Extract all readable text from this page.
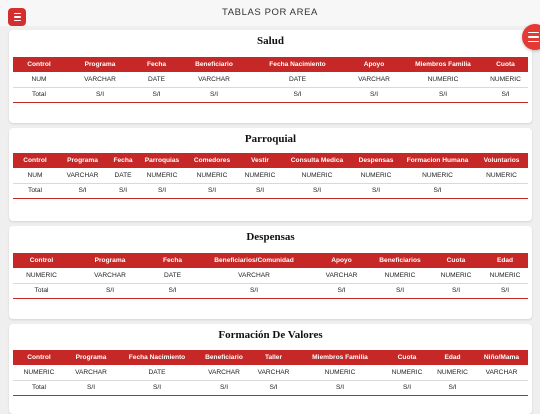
TABLAS POR AREA
Salud
Control	Programa	Fecha	Beneficiario	Fecha Nacimiento	Apoyo	Miembros Familia	Cuota
NUM	VARCHAR	DATE	VARCHAR	DATE	VARCHAR	NUMERIC	NUMERIC
Total	S/I	S/I	S/I	S/I	S/I	S/I	S/I
Parroquial
Control	Programa	Fecha	Parroquias	Comedores	Vestir	Consulta Medica	Despensas	Formacion Humana	Voluntarios
NUM	VARCHAR	DATE	NUMERIC	NUMERIC	NUMERIC	NUMERIC	NUMERIC	NUMERIC	NUMERIC
Total	S/I	S/I	S/I	S/I	S/I	S/I	S/I	S/I	
Despensas
Control	Programa	Fecha	Beneficiarios/Comunidad	Apoyo	Beneficiarios	Cuota	Edad
NUMERIC	VARCHAR	DATE	VARCHAR	VARCHAR	NUMERIC	NUMERIC	NUMERIC
Total	S/I	S/I	S/I	S/I	S/I	S/I	S/I
Formación De Valores
Control	Programa	Fecha Nacimiento	Beneficiario	Taller	Miembros Familia	Cuota	Edad	Niño/Mama
NUMERIC	VARCHAR	DATE	VARCHAR	VARCHAR	NUMERIC	NUMERIC	NUMERIC	VARCHAR
Total	S/I	S/I	S/I	S/I	S/I	S/I	S/I	
